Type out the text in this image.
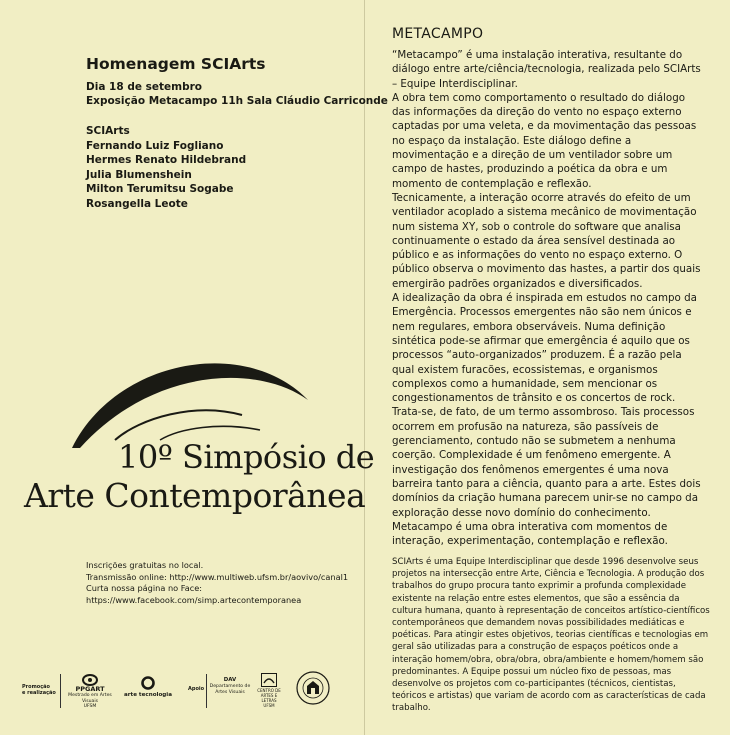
Homenagem SCIArts
Dia 18 de setembro
Exposição Metacampo 11h Sala Cláudio Carriconde
SCIArts
Fernando Luiz Fogliano
Hermes Renato Hildebrand
Julia Blumenshein
Milton Terumitsu Sogabe
Rosangella Leote
10º Simpósio de
Arte Contemporânea
Inscrições gratuitas no local.
Transmissão online: http://www.multiweb.ufsm.br/aovivo/canal1
Curta nossa página no Face:
https://www.facebook.com/simp.artecontemporanea
Promoção
e realização	PPGART
Mestrado em Artes Visuais
UFSM
arte tecnologia
Apoio
DAV
Departamento de
Artes Visuais	CENTRO DE
ARTES E LETRAS
UFSM
METACAMPO

“Metacampo” é uma instalação interativa, resultante do diálogo entre arte/ciência/tecnologia, realizada pelo SCIArts – Equipe Interdisciplinar.

A obra tem como comportamento o resultado do diálogo das informações da direção do vento no espaço externo captadas por uma veleta, e da movimentação das pessoas no espaço da instalação. Este diálogo define a movimentação e a direção de um ventilador sobre um campo de hastes, produzindo a poética da obra e um momento de contemplação e reflexão.

Tecnicamente, a interação ocorre através do efeito de um ventilador acoplado a sistema mecânico de movimentação num sistema XY, sob o controle do software que analisa continuamente o estado da área sensível destinada ao público e as informações do vento no espaço externo. O público observa o movimento das hastes, a partir dos quais emergirão padrões organizados e diversificados.

A idealização da obra é inspirada em estudos no campo da Emergência. Processos emergentes não são nem únicos e nem regulares, embora observáveis. Numa definição sintética pode-se afirmar que emergência é aquilo que os processos “auto-organizados” produzem. É a razão pela qual existem furacões, ecossistemas, e organismos complexos como a humanidade, sem mencionar os congestionamentos de trânsito e os concertos de rock. Trata-se, de fato, de um termo assombroso. Tais processos ocorrem em profusão na natureza, são passíveis de gerenciamento, contudo não se submetem a nenhuma coerção. Complexidade é um fenômeno emergente. A investigação dos fenômenos emergentes é uma nova barreira tanto para a ciência, quanto para a arte. Estes dois domínios da criação humana parecem unir-se no campo da exploração desse novo domínio do conhecimento.

Metacampo é uma obra interativa com momentos de interação, experimentação, contemplação e reflexão.

SCIArts é uma Equipe Interdisciplinar que desde 1996 desenvolve seus projetos na intersecção entre Arte, Ciência e Tecnologia. A produção dos trabalhos do grupo procura tanto exprimir a profunda complexidade existente na relação entre estes elementos, que são a essência da cultura humana, quanto à representação de conceitos artístico-científicos contemporâneos que demandem novas possibilidades mediáticas e poéticas. Para atingir estes objetivos, teorias científicas e tecnologias em geral são utilizadas para a construção de espaços poéticos onde a interação homem/obra, obra/obra, obra/ambiente e homem/homem são predominantes. A Equipe possui um núcleo fixo de pessoas, mas desenvolve os projetos com co-participantes (técnicos, cientistas, teóricos e artistas) que variam de acordo com as características de cada trabalho.
